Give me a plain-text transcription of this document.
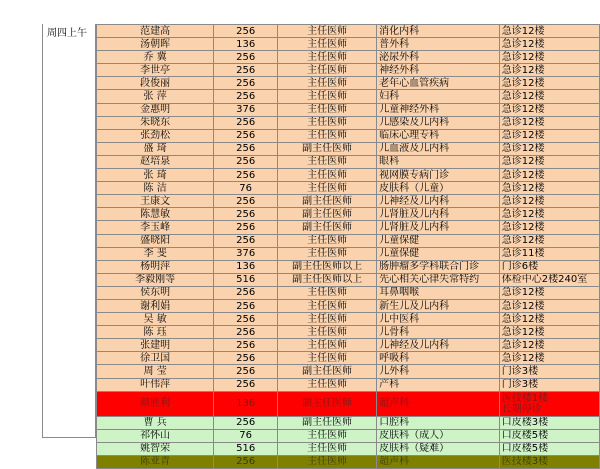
周四上午	范建高	256	主任医师	消化内科	急诊12楼
汤朝晖	136	主任医师	普外科	急诊12楼
乔 冀	256	主任医师	泌尿外科	急诊12楼
李世亭	256	主任医师	神经外科	急诊12楼
段俊丽	256	主任医师	老年心血管疾病	急诊12楼
张 萍	256	主任医师	妇科	急诊12楼
金惠明	376	主任医师	儿童神经外科	急诊12楼
朱晓东	256	主任医师	儿感染及儿内科	急诊12楼
张劲松	256	主任医师	临床心理专科	急诊12楼
盛 琦	256	副主任医师	儿血液及儿内科	急诊12楼
赵培泉	256	主任医师	眼科	急诊12楼
张 琦	256	主任医师	视网膜专病门诊	急诊12楼
陈 洁	76	主任医师	皮肤科（儿童）	急诊12楼
王康文	256	副主任医师	儿神经及儿内科	急诊12楼
陈慧敏	256	副主任医师	儿肾脏及儿内科	急诊12楼
李玉峰	256	副主任医师	儿肾脏及儿内科	急诊12楼
盛晓阳	256	主任医师	儿童保健	急诊12楼
李 斐	376	主任医师	儿童保健	急诊11楼
杨明萍	136	副主任医师以上	肠肿瘤多学科联合门诊	门诊6楼
李毅刚等	516	副主任医师以上	先心相关心律失常特约	体检中心2楼240室
侯东明	256	主任医师	耳鼻咽喉	急诊12楼
谢利娟	256	主任医师	新生儿及儿内科	急诊12楼
吴 敏	256	主任医师	儿中医科	急诊12楼
陈 珏	256	主任医师	儿骨科	急诊12楼
张建明	256	主任医师	儿神经及儿内科	急诊12楼
徐卫国	256	主任医师	呼吸科	急诊12楼
周 莹	256	副主任医师	儿外科	门诊3楼
叶伟萍	256	主任医师	产科	门诊3楼
颜胜利	136	副主任医师	超声科	医技楼1楼
长期停诊

曹 兵	256	副主任医师	口腔科	口皮楼3楼
祁怀山	76	主任医师	皮肤科（成人）	口皮楼5楼
姚智荣	516	主任医师	皮肤科（疑难）	口皮楼5楼
陈亚青	256	主任医师	超声科	医技楼3楼
